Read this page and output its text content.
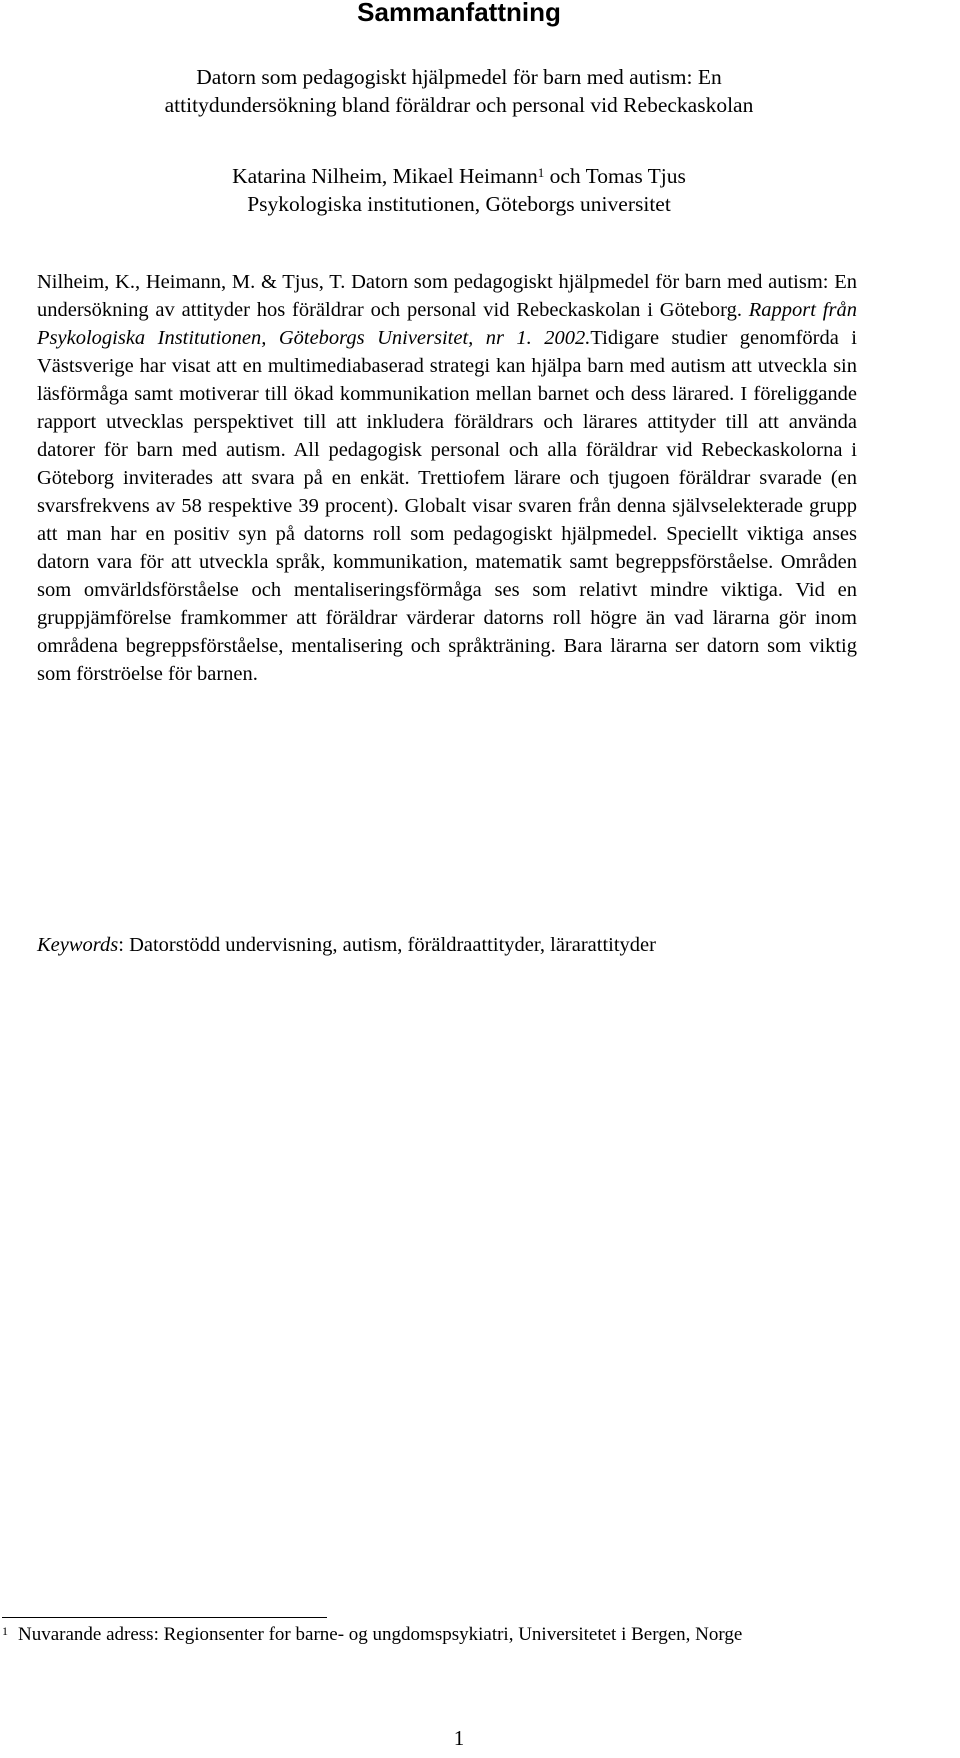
Sammanfattning

Datorn som pedagogiskt hjälpmedel för barn med autism: En

attitydundersökning bland föräldrar och personal vid Rebeckaskolan

Katarina Nilheim, Mikael Heimann$^1$ och Tomas Tjus

Psykologiska institutionen, Göteborgs universitet

Nilheim, K., Heimann, M. & Tjus, T. Datorn som pedagogiskt hjälpmedel för barn med autism: En undersökning av attityder hos föräldrar och personal vid Rebeckaskolan i Göteborg. Rapport från Psykologiska Institutionen, Göteborgs Universitet, nr 1. 2002.Tidigare studier genomförda i Västsverige har visat att en multimediabaserad strategi kan hjälpa barn med autism att utveckla sin läsförmåga samt motiverar till ökad kommunikation mellan barnet och dess lärared. I föreliggande rapport utvecklas perspektivet till att inkludera föräldrars och lärares attityder till att använda datorer för barn med autism. All pedagogisk personal och alla föräldrar vid Rebeckaskolorna i Göteborg inviterades att svara på en enkät. Trettiofem lärare och tjugoen föräldrar svarade (en svarsfrekvens av 58 respektive 39 procent). Globalt visar svaren från denna självselekterade grupp att man har en positiv syn på datorns roll som pedagogiskt hjälpmedel. Speciellt viktiga anses datorn vara för att utveckla språk, kommunikation, matematik samt begreppsförståelse. Områden som omvärldsförståelse och mentaliseringsförmåga ses som relativt mindre viktiga. Vid en gruppjämförelse framkommer att föräldrar värderar datorns roll högre än vad lärarna gör inom områdena begreppsförståelse, mentalisering och språkträning. Bara lärarna ser datorn som viktig som förströelse för barnen.

Keywords: Datorstödd undervisning, autism, föräldraattityder, lärarattityder

$^1$ Nuvarande adress: Regionsenter for barne- og ungdomspsykiatri, Universitetet i Bergen, Norge

1
